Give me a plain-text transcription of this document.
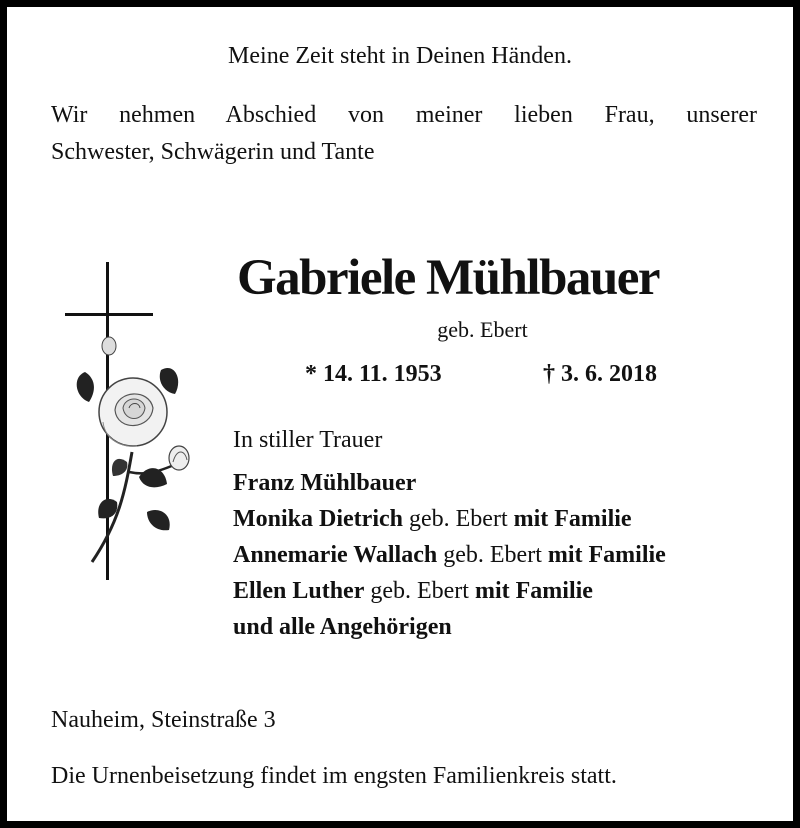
Meine Zeit steht in Deinen Händen.

Wir nehmen Abschied von meiner lieben Frau, unserer
Schwester, Schwägerin und Tante

Gabriele Mühlbauer

geb. Ebert

* 14. 11. 1953	† 3. 6. 2018

In stiller Trauer

Franz Mühlbauer
Monika Dietrich geb. Ebert mit Familie
Annemarie Wallach geb. Ebert mit Familie
Ellen Luther geb. Ebert mit Familie
und alle Angehörigen

Nauheim, Steinstraße 3

Die Urnenbeisetzung findet im engsten Familienkreis statt.
